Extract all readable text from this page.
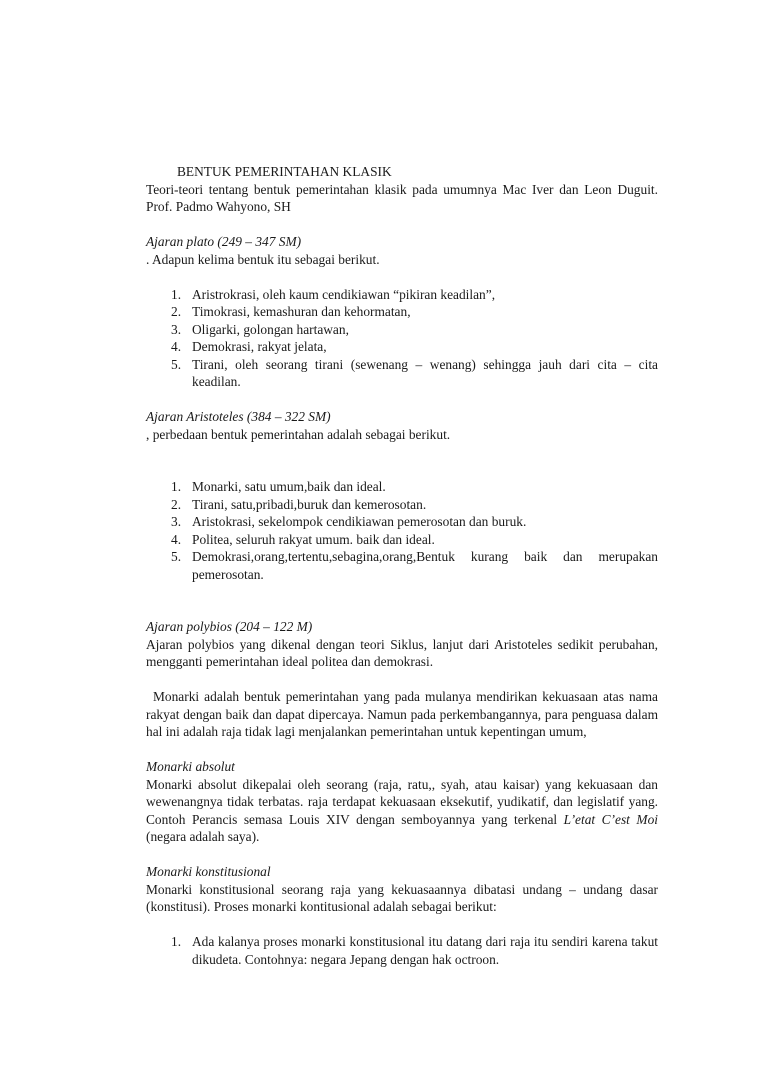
BENTUK PEMERINTAHAN KLASIK

Teori-teori tentang bentuk pemerintahan klasik pada umumnya Mac Iver dan Leon Duguit. Prof. Padmo Wahyono, SH

Ajaran plato (249 – 347 SM)

. Adapun kelima bentuk itu sebagai berikut.

1. Aristrokrasi, oleh kaum cendikiawan “pikiran keadilan”,
2. Timokrasi, kemashuran dan kehormatan,
3. Oligarki, golongan hartawan,
4. Demokrasi, rakyat jelata,
5. Tirani, oleh seorang tirani (sewenang – wenang) sehingga jauh dari cita – cita keadilan.

Ajaran Aristoteles (384 – 322 SM)

, perbedaan bentuk pemerintahan adalah sebagai berikut.

1. Monarki, satu umum,baik dan ideal.
2. Tirani, satu,pribadi,buruk dan kemerosotan.
3. Aristokrasi, sekelompok cendikiawan pemerosotan dan buruk.
4. Politea, seluruh rakyat umum. baik dan ideal.
5. Demokrasi,orang,tertentu,sebagina,orang,Bentuk kurang baik dan merupakan pemerosotan.

Ajaran polybios (204 – 122 M)

Ajaran polybios yang dikenal dengan teori Siklus, lanjut dari Aristoteles sedikit perubahan, mengganti pemerintahan ideal politea dan demokrasi.

Monarki adalah bentuk pemerintahan yang pada mulanya mendirikan kekuasaan atas nama rakyat dengan baik dan dapat dipercaya. Namun pada perkembangannya, para penguasa dalam hal ini adalah raja tidak lagi menjalankan pemerintahan untuk kepentingan umum,

Monarki absolut

Monarki absolut dikepalai oleh seorang (raja, ratu,, syah, atau kaisar) yang kekuasaan dan wewenangnya tidak terbatas. raja terdapat kekuasaan eksekutif, yudikatif, dan legislatif yang. Contoh Perancis semasa Louis XIV dengan semboyannya yang terkenal L’etat C’est Moi (negara adalah saya).

Monarki konstitusional

Monarki konstitusional seorang raja yang kekuasaannya dibatasi undang – undang dasar (konstitusi). Proses monarki kontitusional adalah sebagai berikut:

1. Ada kalanya proses monarki konstitusional itu datang dari raja itu sendiri karena takut dikudeta. Contohnya: negara Jepang dengan hak octroon.
